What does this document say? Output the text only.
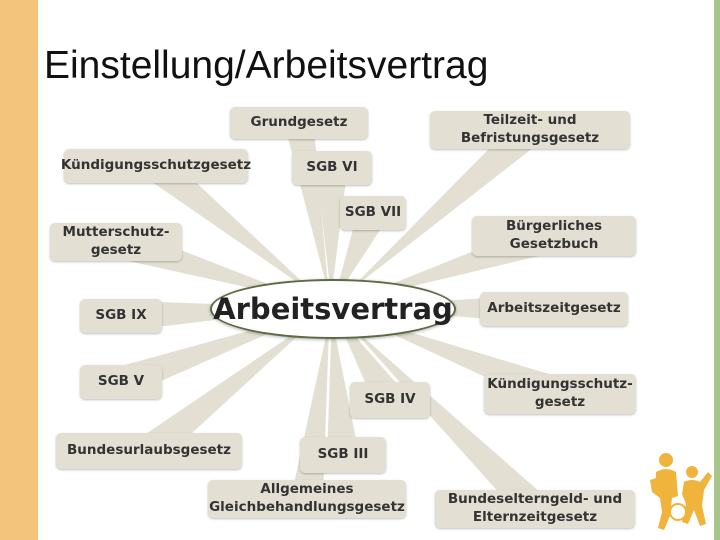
Einstellung/Arbeitsvertrag
Grundgesetz	Teilzeit- und
Befristungsgesetz
Kündigungsschutzgesetz	SGB VI
SGB VII
Bürgerliches
Gesetzbuch
Mutterschutz-
gesetz
SGB IX	Arbeitszeitgesetz
SGB V
SGB IV
Kündigungsschutz-
gesetz
Bundesurlaubsgesetz	SGB III
Allgemeines
Gleichbehandlungsgesetz	Bundeselterngeld- und
Elternzeitgesetz
Arbeitsvertrag
